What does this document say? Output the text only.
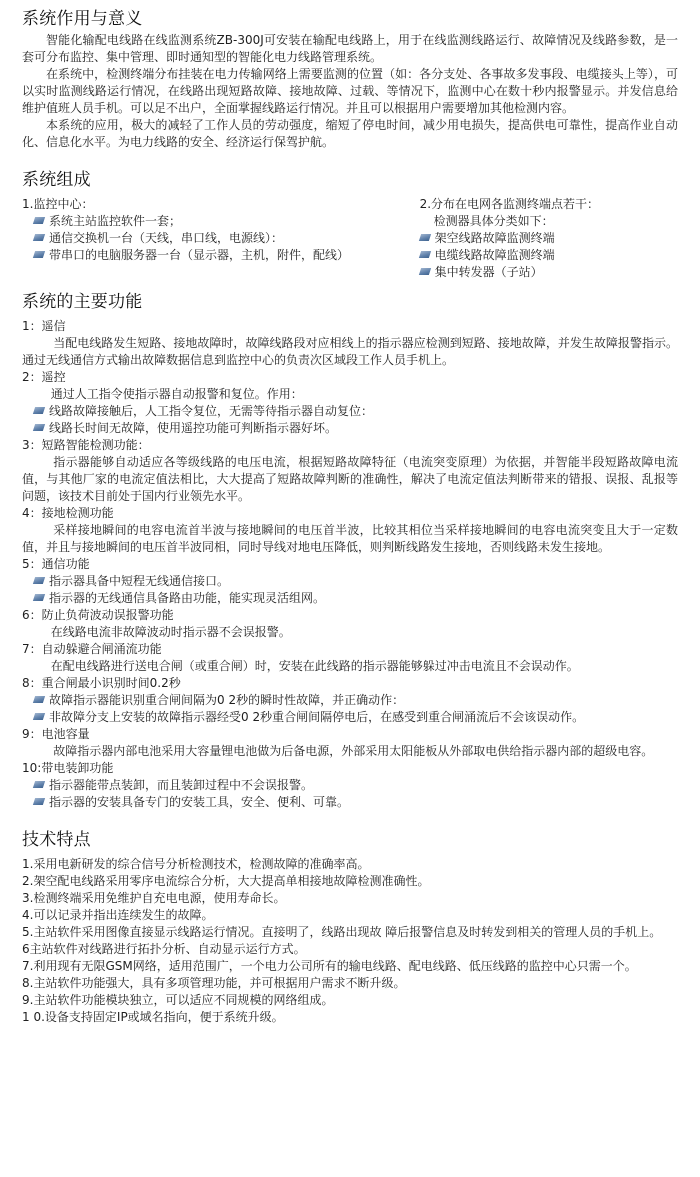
系统作用与意义

智能化输配电线路在线监测系统ZB-300J可安装在输配电线路上，用于在线监测线路运行、故障情况及线路参数，是一套可分布监控、集中管理、即时通知型的智能化电力线路管理系统。

在系统中，检测终端分布挂装在电力传输网络上需要监测的位置（如：各分支处、各事故多发事段、电缆接头上等），可以实时监测线路运行情况，在线路出现短路故障、接地故障、过载、等情况下，监测中心在数十秒内报警显示。并发信息给维护值班人员手机。可以足不出户，全面掌握线路运行情况。并且可以根据用户需要增加其他检测内容。

本系统的应用，极大的减轻了工作人员的劳动强度，缩短了停电时间，减少用电损失，提高供电可靠性，提高作业自动化、信息化水平。为电力线路的安全、经济运行保驾护航。

系统组成

1.监控中心：

系统主站监控软件一套；

通信交换机一台（天线，串口线，电源线）：

带串口的电脑服务器一台（显示器，主机，附件，配线）

2.分布在电网各监测终端点若干：

检测器具体分类如下：

架空线路故障监测终端

电缆线路故障监测终端

集中转发器（子站）

系统的主要功能

1：遥信

当配电线路发生短路、接地故障时，故障线路段对应相线上的指示器应检测到短路、接地故障，并发生故障报警指示。通过无线通信方式输出故障数据信息到监控中心的负责次区域段工作人员手机上。

2：遥控

通过人工指令使指示器自动报警和复位。作用：

线路故障接触后，人工指令复位，无需等待指示器自动复位：

线路长时间无故障，使用遥控功能可判断指示器好坏。

3：短路智能检测功能：

指示器能够自动适应各等级线路的电压电流，根据短路故障特征（电流突变原理）为依据，并智能半段短路故障电流值，与其他厂家的电流定值法相比，大大提高了短路故障判断的准确性，解决了电流定值法判断带来的错报、误报、乱报等问题，该技术目前处于国内行业领先水平。

4：接地检测功能

采样接地瞬间的电容电流首半波与接地瞬间的电压首半波，比较其相位当采样接地瞬间的电容电流突变且大于一定数值，并且与接地瞬间的电压首半波同相，同时导线对地电压降低，则判断线路发生接地，否则线路未发生接地。

5：通信功能

指示器具备中短程无线通信接口。

指示器的无线通信具备路由功能，能实现灵活组网。

6：防止负荷波动误报警功能

在线路电流非故障波动时指示器不会误报警。

7：自动躲避合闸涌流功能

在配电线路进行送电合闸（或重合闸）时，安装在此线路的指示器能够躲过冲击电流且不会误动作。

8：重合闸最小识别时间0.2秒

故障指示器能识别重合闸间隔为0 2秒的瞬时性故障，并正确动作：

非故障分支上安装的故障指示器经受0 2秒重合闸间隔停电后，在感受到重合闸涌流后不会该误动作。

9：电池容量

故障指示器内部电池采用大容量锂电池做为后备电源，外部采用太阳能板从外部取电供给指示器内部的超级电容。

10:带电装卸功能

指示器能带点装卸，而且装卸过程中不会误报警。

指示器的安装具备专门的安装工具，安全、便利、可靠。

技术特点

1.采用电新研发的综合信号分析检测技术，检测故障的准确率高。

2.架空配电线路采用零序电流综合分析，大大提高单相接地故障检测准确性。

3.检测终端采用免维护自充电电源，使用寿命长。

4.可以记录并指出连续发生的故障。

5.主站软件采用图像直接显示线路运行情况。直接明了，线路出现故 障后报警信息及时转发到相关的管理人员的手机上。

6主站软件对线路进行拓扑分析、自动显示运行方式。

7.利用现有无限GSM网络，适用范围广，一个电力公司所有的输电线路、配电线路、低压线路的监控中心只需一个。

8.主站软件功能强大，具有多项管理功能，并可根据用户需求不断升级。

9.主站软件功能模块独立，可以适应不同规模的网络组成。

1 0.设备支持固定IP或域名指向，便于系统升级。
